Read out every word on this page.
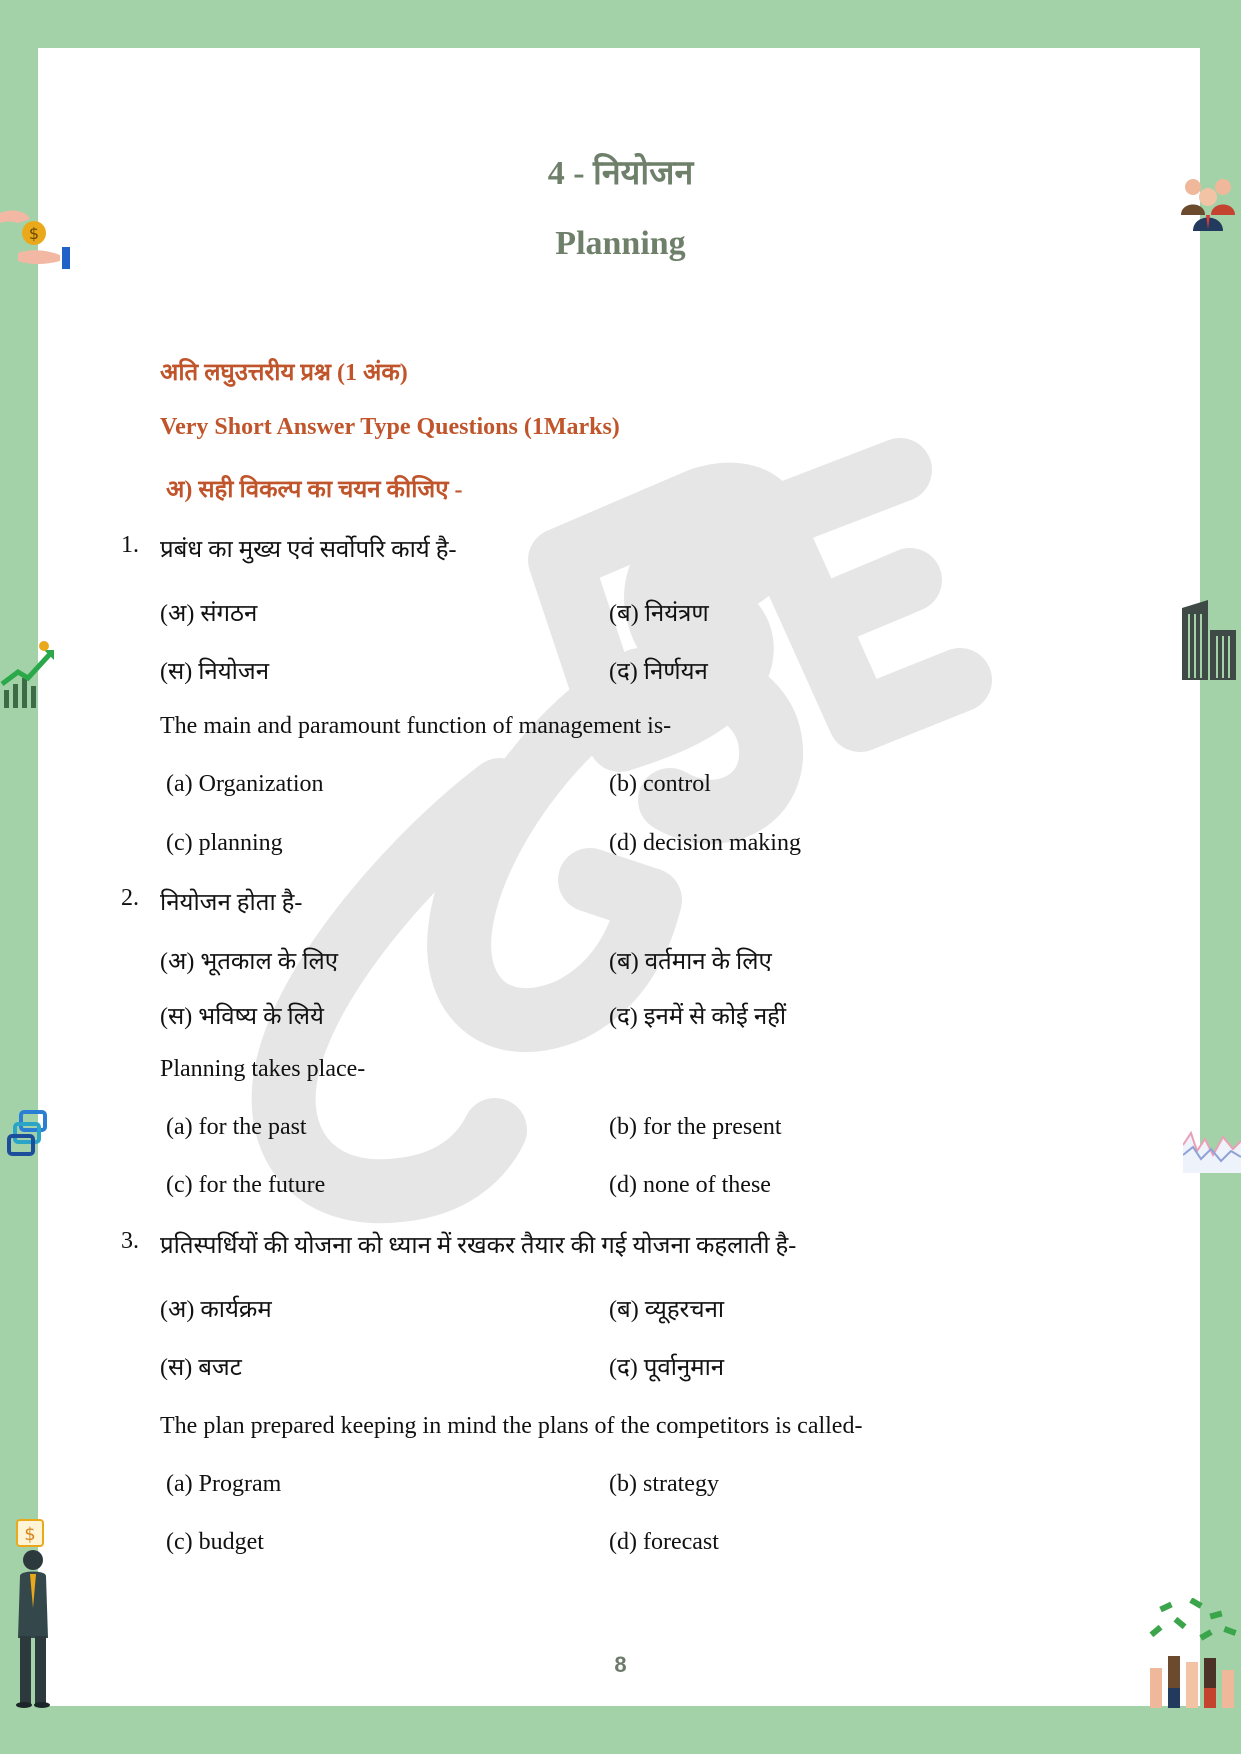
4 - नियोजन
Planning
अति लघुउत्तरीय प्रश्न (1 अंक)
Very Short Answer Type Questions (1Marks)
अ) सही विकल्प का चयन कीजिए -
1. प्रबंध का मुख्य एवं सर्वोपरि कार्य है-
(अ) संगठन	(ब) नियंत्रण
(स) नियोजन	(द) निर्णयन
The main and paramount function of management is-
(a) Organization	(b) control
(c) planning	(d) decision making
2. नियोजन होता है-
(अ) भूतकाल के लिए	(ब) वर्तमान के लिए
(स) भविष्य के लिये	(द) इनमें से कोई नहीं
Planning takes place-
(a) for the past	(b) for the present
(c) for the future	(d) none of these
3. प्रतिस्पर्धियों की योजना को ध्यान में रखकर तैयार की गई योजना कहलाती है-
(अ) कार्यक्रम	(ब) व्यूहरचना
(स) बजट	(द) पूर्वानुमान
The plan prepared keeping in mind the plans of the competitors is called-
(a) Program	(b) strategy
(c) budget	(d) forecast
8
$
$
